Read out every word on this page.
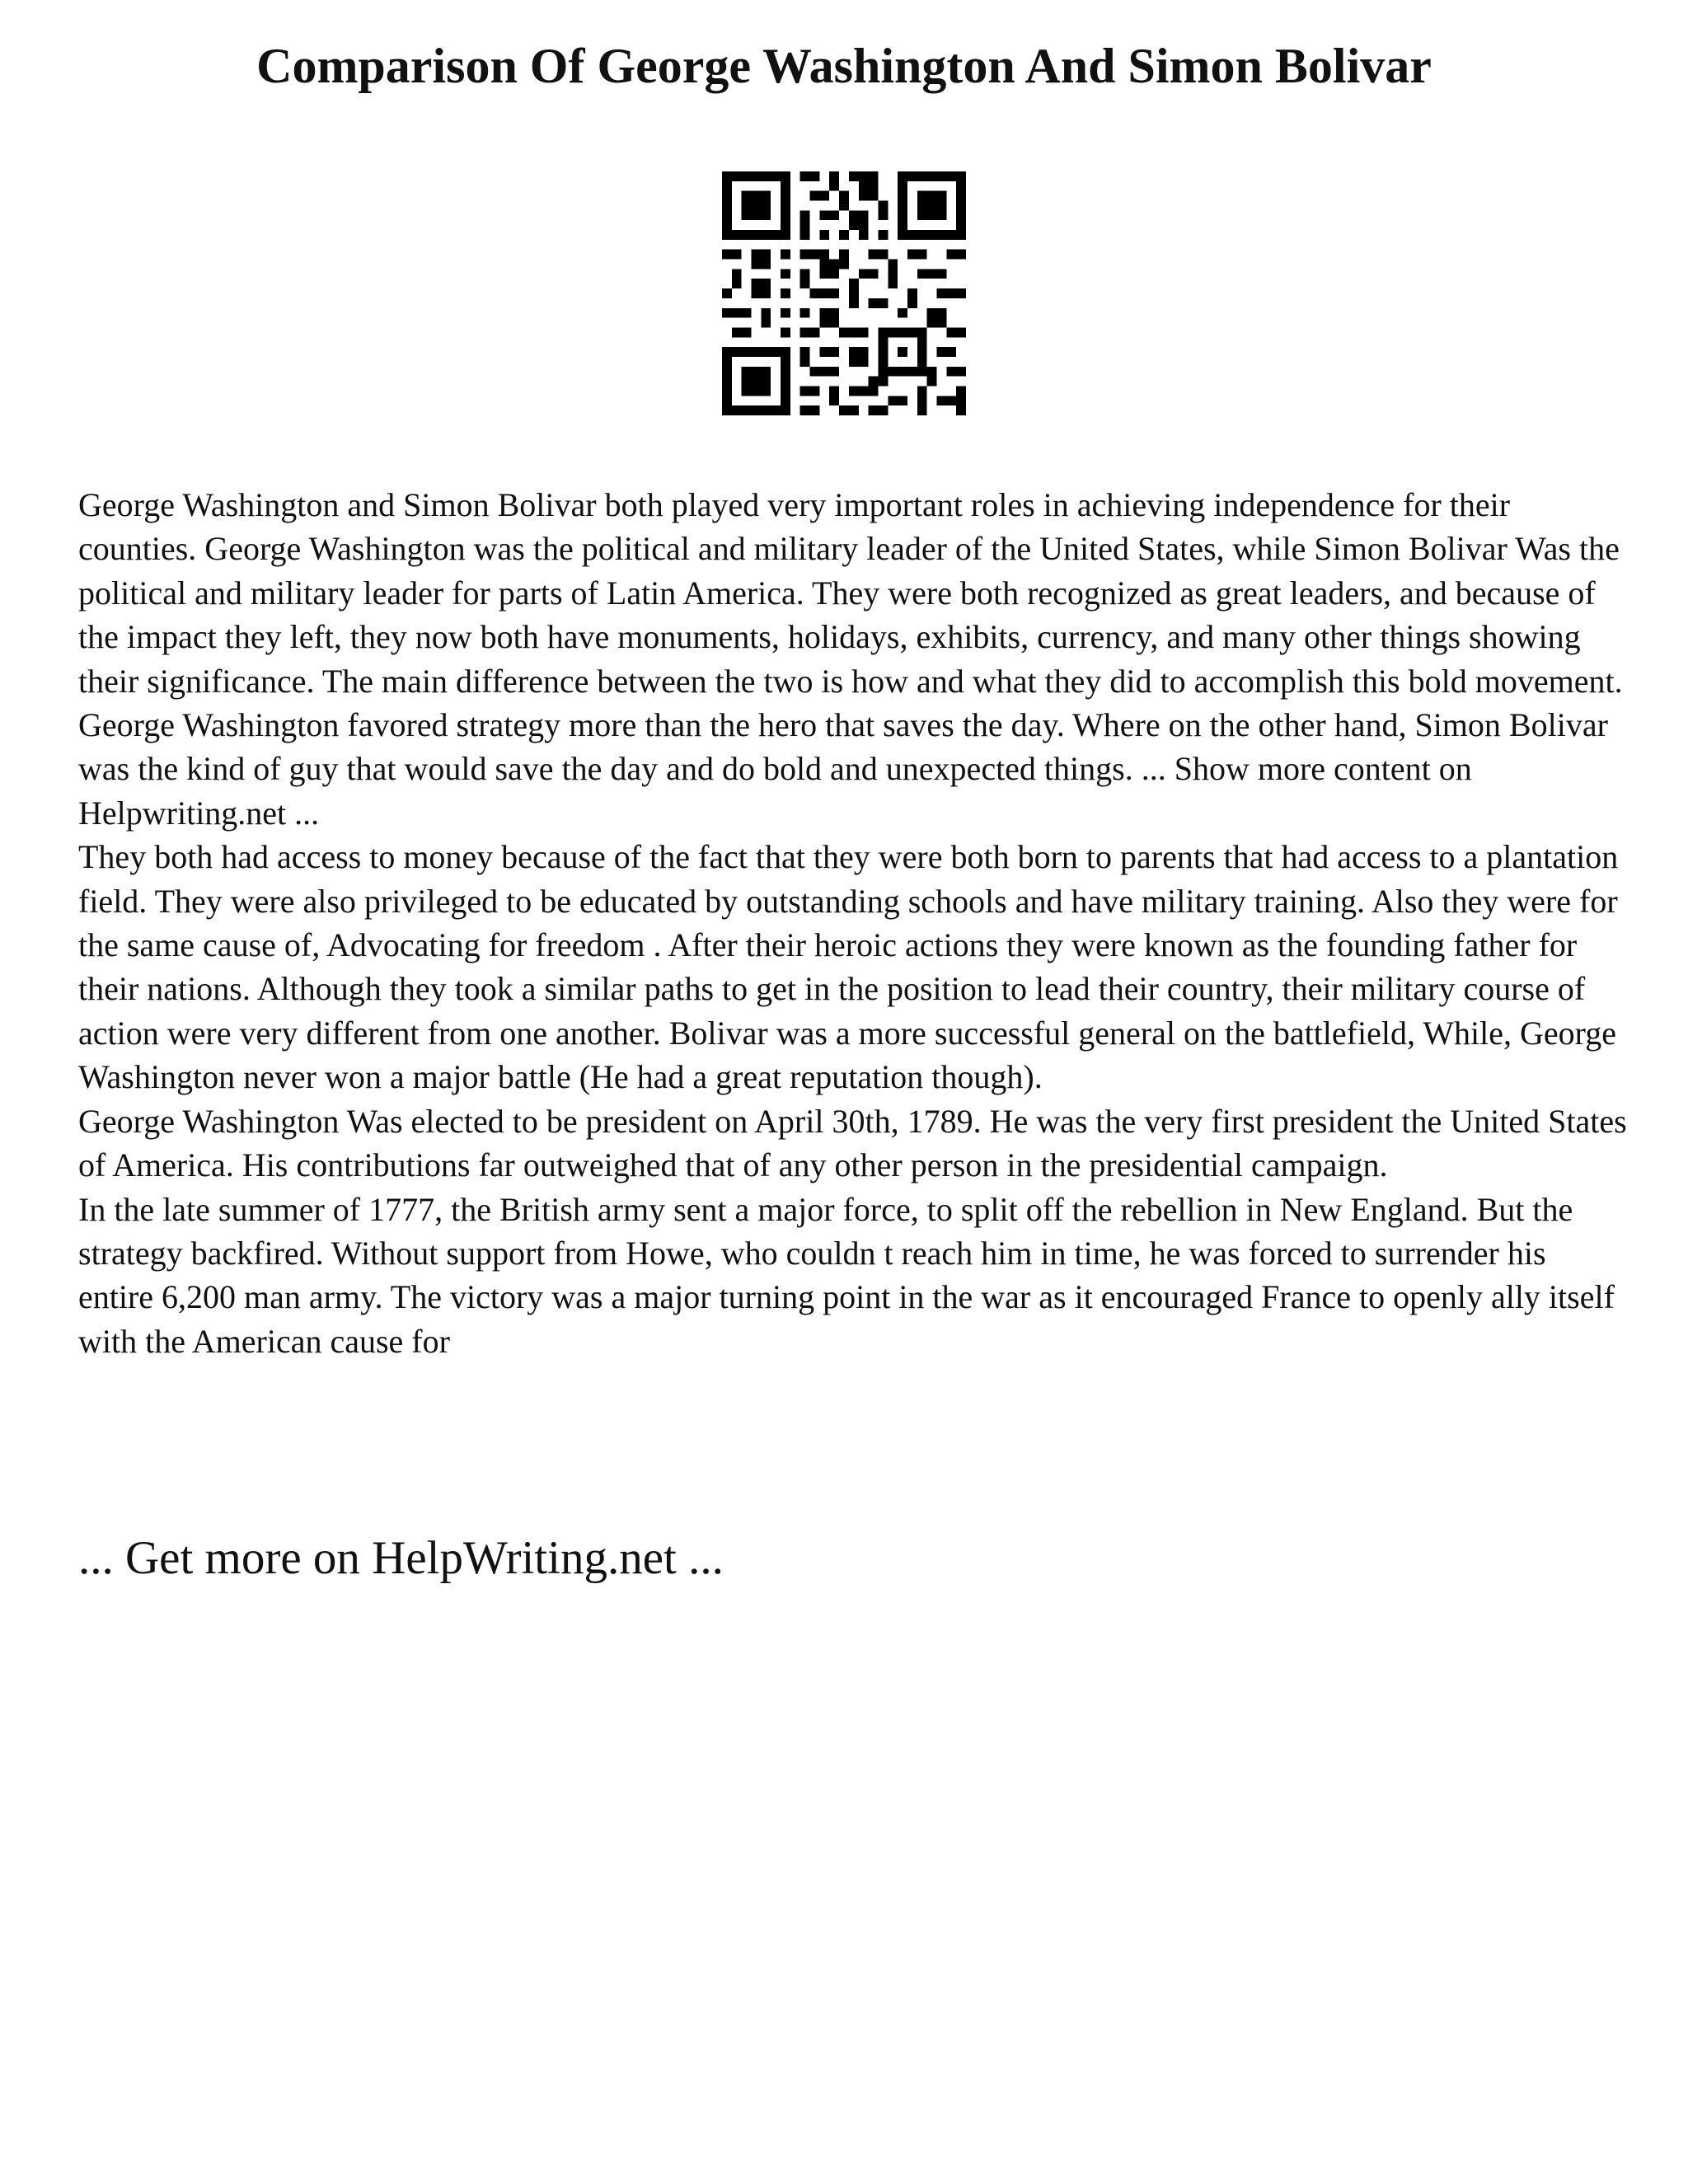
Comparison Of George Washington And Simon Bolivar

George Washington and Simon Bolivar both played very important roles in achieving independence for their counties. George Washington was the political and military leader of the United States, while Simon Bolivar Was the political and military leader for parts of Latin America. They were both recognized as great leaders, and because of the impact they left, they now both have monuments, holidays, exhibits, currency, and many other things showing their significance. The main difference between the two is how and what they did to accomplish this bold movement. George Washington favored strategy more than the hero that saves the day. Where on the other hand, Simon Bolivar was the kind of guy that would save the day and do bold and unexpected things. ... Show more content on Helpwriting.net ...

They both had access to money because of the fact that they were both born to parents that had access to a plantation field. They were also privileged to be educated by outstanding schools and have military training. Also they were for the same cause of, Advocating for freedom . After their heroic actions they were known as the founding father for their nations. Although they took a similar paths to get in the position to lead their country, their military course of action were very different from one another. Bolivar was a more successful general on the battlefield, While, George Washington never won a major battle (He had a great reputation though).

George Washington Was elected to be president on April 30th, 1789. He was the very first president the United States of America. His contributions far outweighed that of any other person in the presidential campaign.

In the late summer of 1777, the British army sent a major force, to split off the rebellion in New England. But the strategy backfired. Without support from Howe, who couldn t reach him in time, he was forced to surrender his entire 6,200 man army. The victory was a major turning point in the war as it encouraged France to openly ally itself with the American cause for

... Get more on HelpWriting.net ...
